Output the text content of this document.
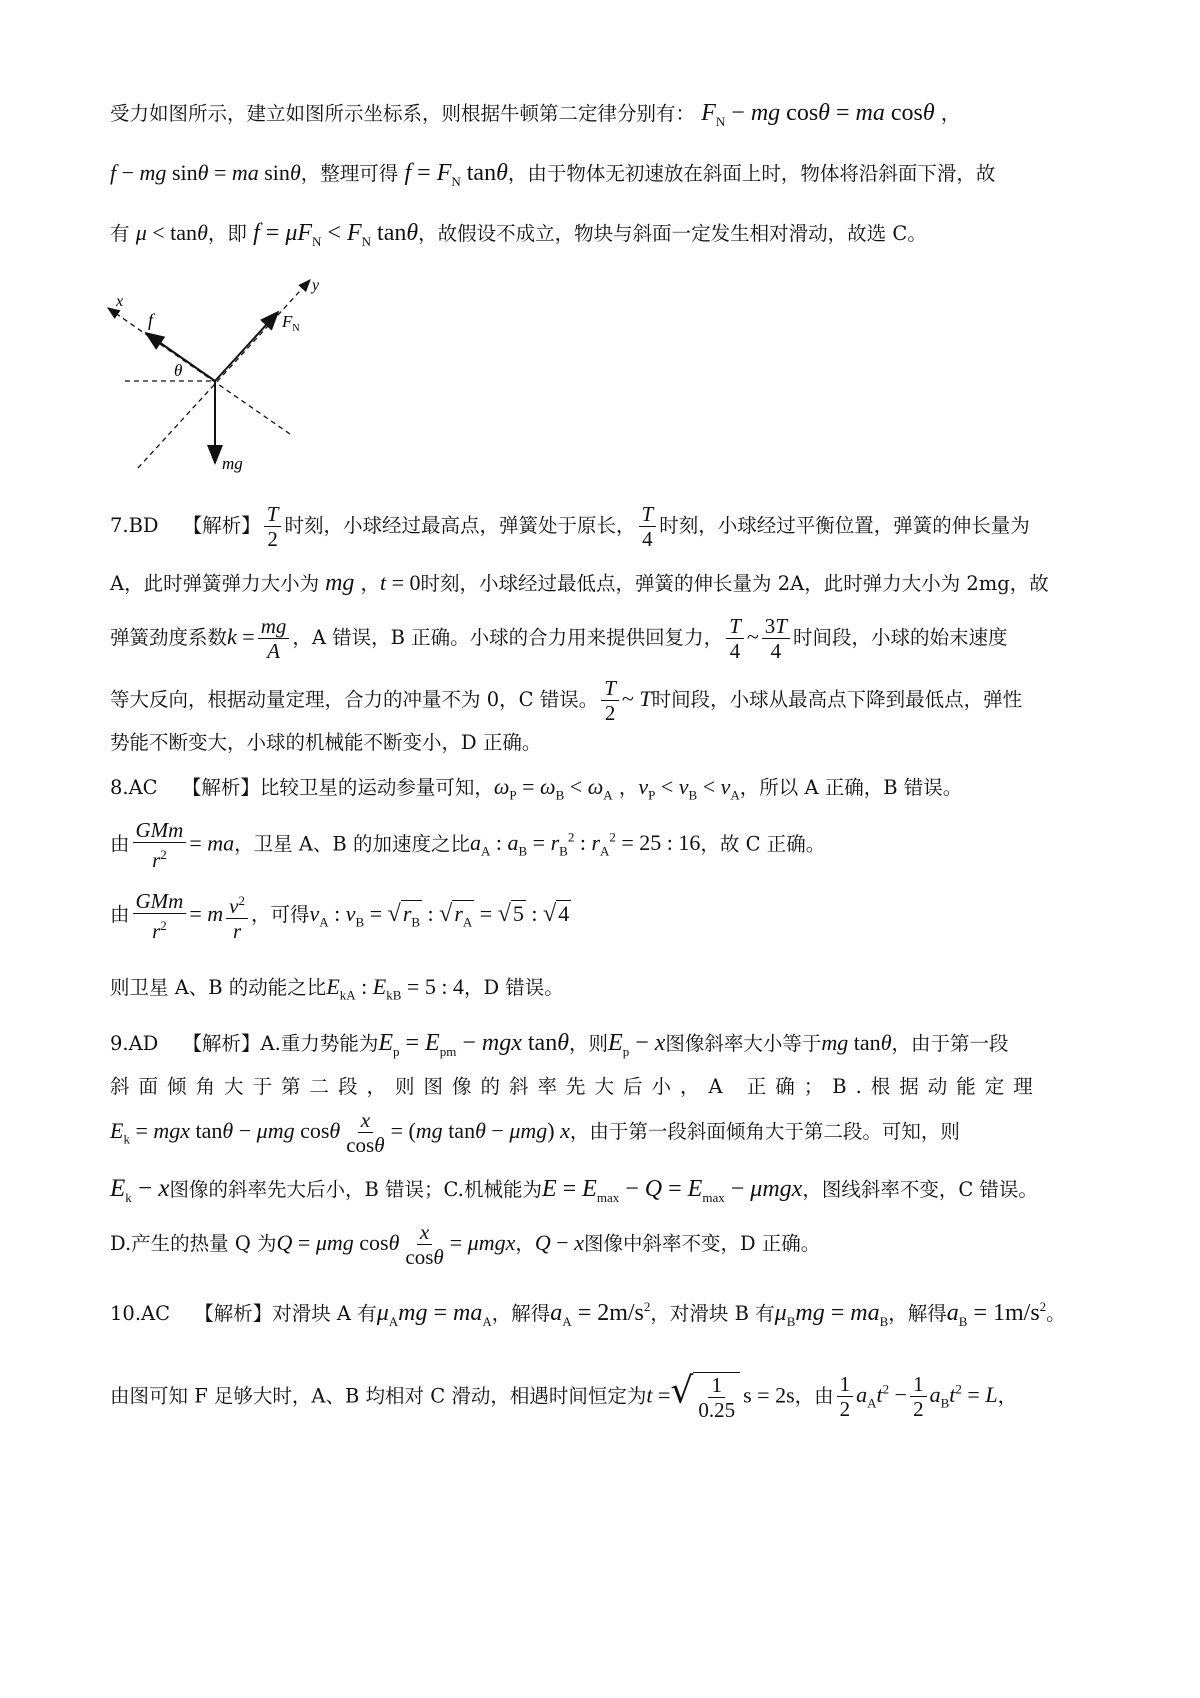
受力如图所示，建立如图所示坐标系，则根据牛顿第二定律分别有： $F_N$ − mg cosθ = ma cosθ ，
f − mg sinθ = ma sinθ，整理可得 $f = F_N$ tanθ，由于物体无初速放在斜面上时，物体将沿斜面下滑，故
有 μ < tanθ，即 $f = \mu F_N < F_N$ tanθ，故假设不成立，物块与斜面一定发生相对滑动，故选 C。
x
y
f	$F_N$
θ
mg
7.BD 【解析】 $\frac{T}{2}$ 时刻，小球经过最高点，弹簧处于原长， $\frac{T}{4}$ 时刻，小球经过平衡位置，弹簧的伸长量为
A，此时弹簧弹力大小为 mg ，t = 0时刻，小球经过最低点，弹簧的伸长量为 2A，此时弹力大小为 2mg，故
弹簧劲度系数$k = \frac{mg}{A}$ ，A 错误，B 正确。小球的合力用来提供回复力， $\frac{T}{4}$ ~ $\frac{3T}{4}$ 时间段，小球的始末速度
等大反向，根据动量定理，合力的冲量不为 0，C 错误。 $\frac{T}{2}$ ~ T时间段，小球从最高点下降到最低点，弹性
势能不断变大，小球的机械能不断变小，D 正确。
8.AC 【解析】比较卫星的运动参量可知，$\omega_P = \omega_B < \omega_A$ ，$v_P < v_B < v_A$，所以 A 正确，B 错误。
由 $\frac{\text{GMm}}{r^2}$ = ma，卫星 A、B 的加速度之比$a_A$ : $a_B = r_B^2$ : $r_A^2 = 25$ : 16，故 C 正确。
由 $\frac{\text{GMm}}{r^2} = m \frac{v^2}{r}$ ，可得$v_A$ : $v_B = √r_B$ : $√r_A = √5$ : √4
则卫星 A、B 的动能之比$E_{kA}$ : $E_{kB} = 5$ : 4，D 错误。
9.AD 【解析】A.重力势能为$E_p = E_{pm}$ − mgx tanθ，则$E_p - x$图像斜率大小等于mg tanθ，由于第一段
斜面倾角大于第二段，则图像的斜率先大后小，A 正确；B.根据动能定理
$E_k$ = mgx tanθ − μmg cosθ $\frac{x}{\cos\theta} = (mg$ tanθ − μmg) x，由于第一段斜面倾角大于第二段。可知，则
$E_k - x$图像的斜率先大后小，B 错误；C.机械能为$E = E_{max} - Q = E_{max} - \mu mgx$，图线斜率不变，C 错误。
D.产生的热量 Q 为Q = μmg cosθ $\frac{x}{\cos\theta} = \mu mgx$，Q − x图像中斜率不变，D 正确。
10.AC 【解析】对滑块 A 有$\mu_Amg = ma_A$，解得$a_A = 2m/s^2$，对滑块 B 有$\mu_Bmg = ma_B$，解得$a_B = 1m/s^2$。
由图可知 F 足够大时，A、B 均相对 C 滑动，相遇时间恒定为t =√ $\frac{1}{0.25}$ s = 2s，由 $\frac{1}{2} a_At^2 - \frac{1}{2} a_Bt^2 = L$，
